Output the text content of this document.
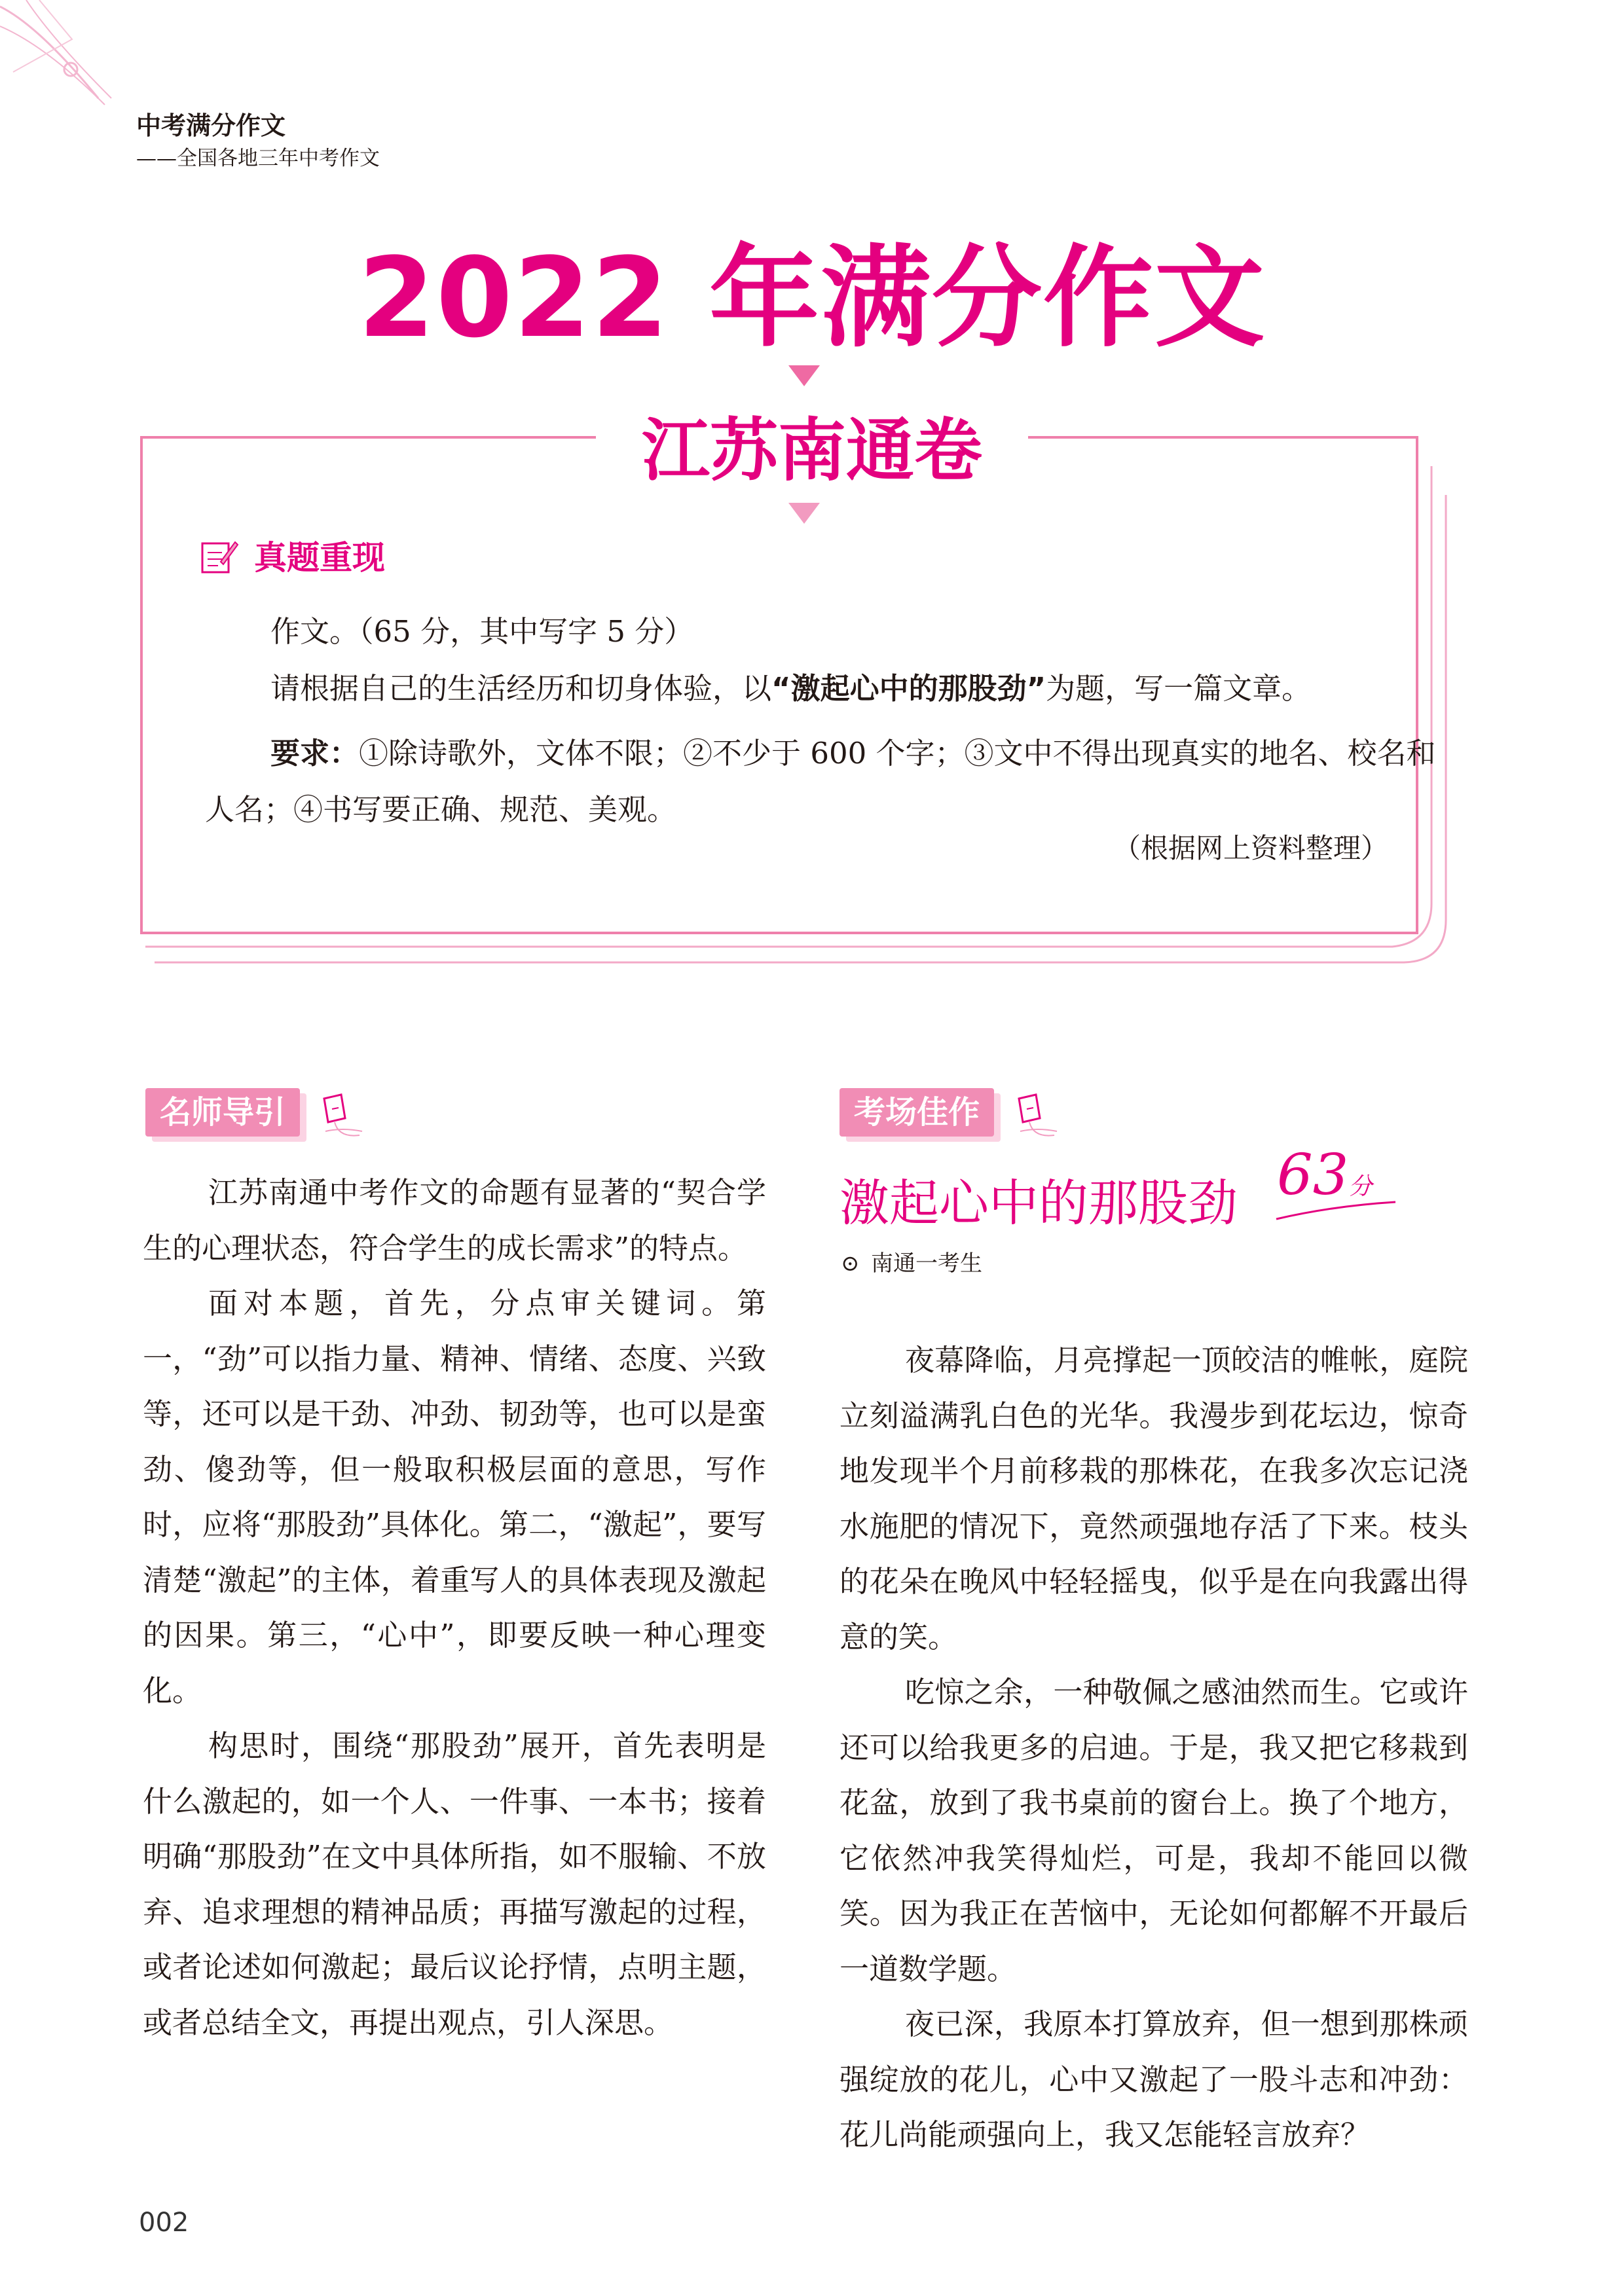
中考满分作文
——全国各地三年中考作文
2022 年满分作文
江苏南通卷
真题重现
作文。（65 分，其中写字 5 分）
请根据自己的生活经历和切身体验，以“激起心中的那股劲”为题，写一篇文章。
要求：①除诗歌外，文体不限；②不少于 600 个字；③文中不得出现真实的地名、校名和人名；④书写要正确、规范、美观。
（根据网上资料整理）
名师导引

江苏南通中考作文的命题有显著的“契合学生的心理状态，符合学生的成长需求”的特点。

面对本题，首先，分点审关键词。第一，“劲”可以指力量、精神、情绪、态度、兴致等，还可以是干劲、冲劲、韧劲等，也可以是蛮劲、傻劲等，但一般取积极层面的意思，写作时，应将“那股劲”具体化。第二，“激起”，要写清楚“激起”的主体，着重写人的具体表现及激起的因果。第三，“心中”，即要反映一种心理变化。

构思时，围绕“那股劲”展开，首先表明是什么激起的，如一个人、一件事、一本书；接着明确“那股劲”在文中具体所指，如不服输、不放弃、追求理想的精神品质；再描写激起的过程，或者论述如何激起；最后议论抒情，点明主题，或者总结全文，再提出观点，引人深思。

考场佳作
激起心中的那股劲 63分
⊙ 南通一考生

夜幕降临，月亮撑起一顶皎洁的帷帐，庭院立刻溢满乳白色的光华。我漫步到花坛边，惊奇地发现半个月前移栽的那株花，在我多次忘记浇水施肥的情况下，竟然顽强地存活了下来。枝头的花朵在晚风中轻轻摇曳，似乎是在向我露出得意的笑。

吃惊之余，一种敬佩之感油然而生。它或许还可以给我更多的启迪。于是，我又把它移栽到花盆，放到了我书桌前的窗台上。换了个地方，它依然冲我笑得灿烂，可是，我却不能回以微笑。因为我正在苦恼中，无论如何都解不开最后一道数学题。

夜已深，我原本打算放弃，但一想到那株顽强绽放的花儿，心中又激起了一股斗志和冲劲：花儿尚能顽强向上，我又怎能轻言放弃？

002
